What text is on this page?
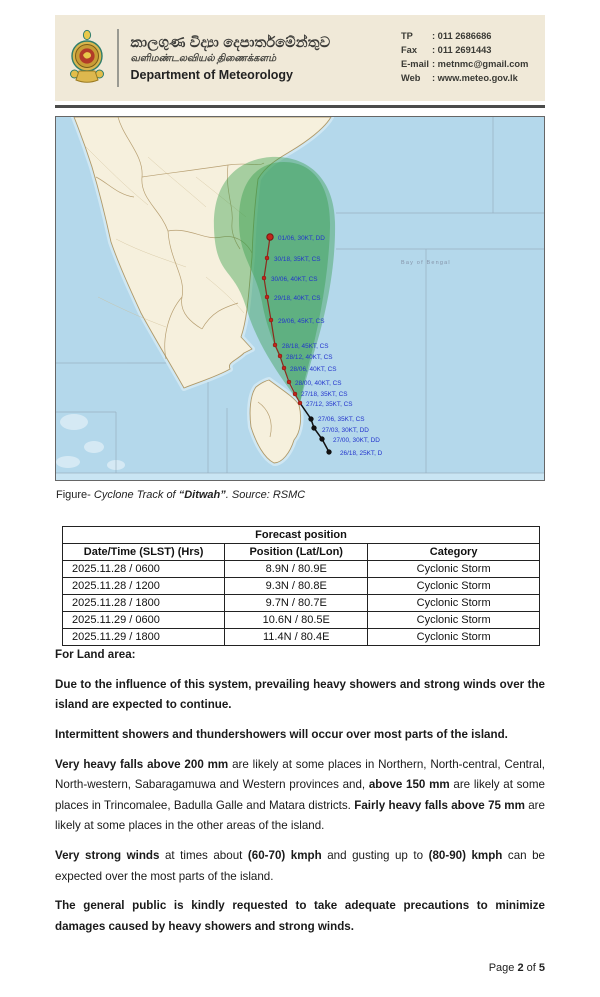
කාලගුණ විද්‍යා දෙපාර්තමේන්තුව
வளிமண்டலவியல் திணைக்களம்
Department of Meteorology
TP	: 011 2686686
Fax	: 011 2691443
E-mail : metnmc@gmail.com
Web	: www.meteo.gov.lk
Bay of Bengal
26/18, 25KT, D
27/00, 30KT, DD
27/03, 30KT, DD
27/06, 35KT, CS
27/12, 35KT, CS
27/18, 35KT, CS
28/00, 40KT, CS
28/06, 40KT, CS
28/12, 40KT, CS
28/18, 45KT, CS
29/06, 45KT, CS
29/18, 40KT, CS
30/06, 40KT, CS
30/18, 35KT, CS
01/06, 30KT, DD
Figure- Cyclone Track of “Ditwah”. Source: RSMC
Forecast position		
Date/Time (SLST) (Hrs)	Position (Lat/Lon)	Category
2025.11.28 / 0600	8.9N / 80.9E	Cyclonic Storm
2025.11.28 / 1200	9.3N / 80.8E	Cyclonic Storm
2025.11.28 / 1800	9.7N / 80.7E	Cyclonic Storm
2025.11.29 / 0600	10.6N / 80.5E	Cyclonic Storm
2025.11.29 / 1800	11.4N / 80.4E	Cyclonic Storm
For Land area:
Due to the influence of this system, prevailing heavy showers and strong winds over the island are expected to continue.
Intermittent showers and thundershowers will occur over most parts of the island.
Very heavy falls above 200 mm are likely at some places in Northern, North-central, Central, North-western, Sabaragamuwa and Western provinces and, above 150 mm are likely at some places in Trincomalee, Badulla Galle and Matara districts. Fairly heavy falls above 75 mm are likely at some places in the other areas of the island.
Very strong winds at times about (60-70) kmph and gusting up to (80-90) kmph can be expected over the most parts of the island.
The general public is kindly requested to take adequate precautions to minimize damages caused by heavy showers and strong winds.
Page 2 of 5
